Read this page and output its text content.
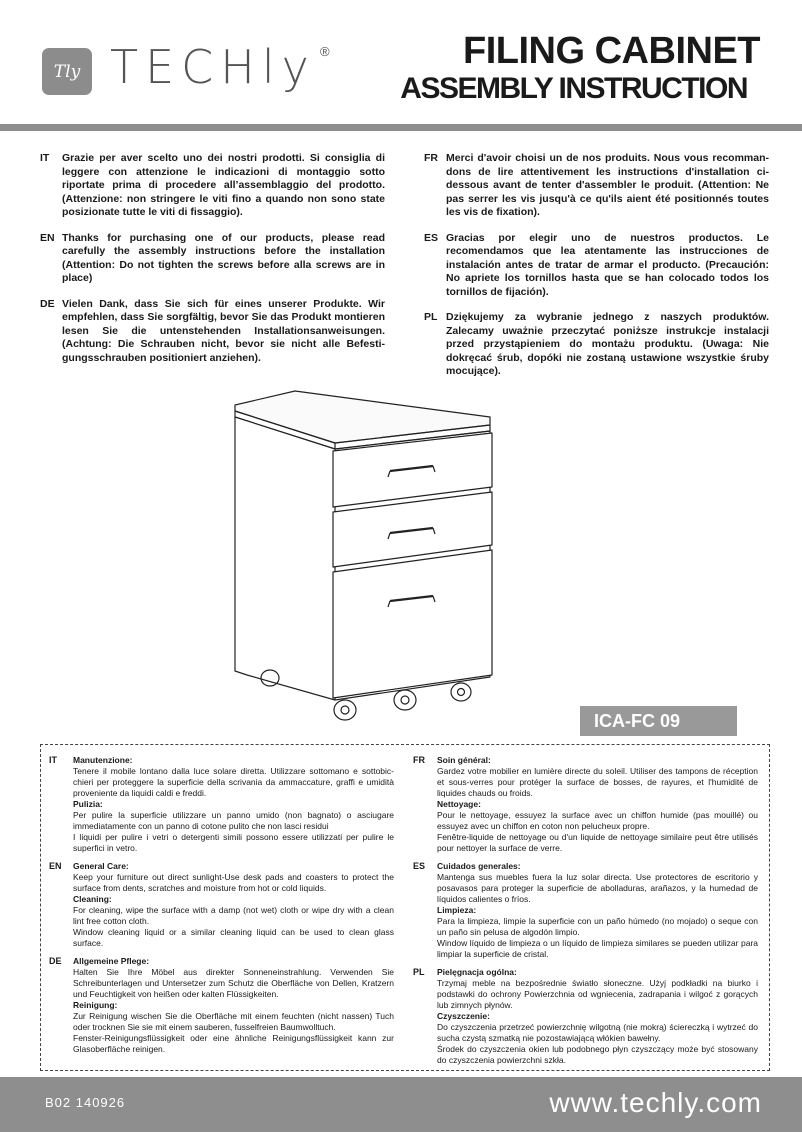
Tly TECHly ®	FILING CABINET
ASSEMBLY INSTRUCTION
IT	Grazie per aver scelto uno dei nostri prodotti. Si consiglia di leggere con attenzione le indicazioni di montaggio sotto riportate prima di procedere all’assemblaggio del prodotto. (Attenzione: non stringere le viti fino a quando non sono state posizionate tutte le viti di fissaggio).
EN Thanks for purchasing one of our products, please read carefully the assembly instructions before the installation (Attention: Do not tighten the screws before alla screws are in place)
DE Vielen Dank, dass Sie sich für eines unserer Produkte. Wir empfehlen, dass Sie sorgfältig, bevor Sie das Produkt montieren lesen Sie die untenstehenden Installationsanweisungen. (Achtung: Die Schrauben nicht, bevor sie nicht alle Befesti-gungsschrauben positioniert anziehen).
FR Merci d'avoir choisi un de nos produits. Nous vous recomman-dons de lire attentivement les instructions d'installation ci-dessous avant de tenter d'assembler le produit. (Attention: Ne pas serrer les vis jusqu'à ce qu'ils aient été positionnés toutes les vis de fixation).
ES Gracias por elegir uno de nuestros productos. Le recomendamos que lea atentamente las instrucciones de instalación antes de tratar de armar el producto. (Precaución: No apriete los tornillos hasta que se han colocado todos los tornillos de fijación).
PL Dziękujemy za wybranie jednego z naszych produktów. Zalecamy uważnie przeczytać poniższe instrukcje instalacji przed przystąpieniem do montażu produktu. (Uwaga: Nie dokręcać śrub, dopóki nie zostaną ustawione wszystkie śruby mocujące).
ICA-FC 09
IT	Manutenzione:
Tenere il mobile lontano dalla luce solare diretta. Utilizzare sottomano e sottobic-chieri per proteggere la superficie della scrivania da ammaccature, graffi e umidità proveniente da liquidi caldi e freddi.
Pulizia:
Per pulire la superficie utilizzare un panno umido (non bagnato) o asciugare immediatamente con un panno di cotone pulito che non lasci residui
I liquidi per pulire i vetri o detergenti simili possono essere utilizzati per pulire le superfici in vetro.
EN	General Care:
Keep your furniture out direct sunlight-Use desk pads and coasters to protect the surface from dents, scratches and moisture from hot or cold liquids.
Cleaning:
For cleaning, wipe the surface with a damp (not wet) cloth or wipe dry with a clean lint free cotton cloth.
Window cleaning liquid or a similar cleaning liquid can be used to clean glass surface.
DE	Allgemeine Pflege:
Halten Sie Ihre Möbel aus direkter Sonneneinstrahlung. Verwenden Sie Schreibunterlagen und Untersetzer zum Schutz die Oberfläche von Dellen, Kratzern und Feuchtigkeit von heißen oder kalten Flüssigkeiten.
Reinigung:
Zur Reinigung wischen Sie die Oberfläche mit einem feuchten (nicht nassen) Tuch oder trocknen Sie sie mit einem sauberen, fusselfreien Baumwolltuch.
Fenster-Reinigungsflüssigkeit oder eine ähnliche Reinigungsflüssigkeit kann zur Glasoberfläche reinigen.
FR	Soin général:
Gardez votre mobilier en lumière directe du soleil. Utiliser des tampons de réception et sous-verres pour protéger la surface de bosses, de rayures, et l'humidité de liquides chauds ou froids.
Nettoyage:
Pour le nettoyage, essuyez la surface avec un chiffon humide (pas mouillé) ou essuyez avec un chiffon en coton non pelucheux propre.
Fenêtre-liquide de nettoyage ou d'un liquide de nettoyage similaire peut être utilisés pour nettoyer la surface de verre.
ES	Cuidados generales:
Mantenga sus muebles fuera la luz solar directa. Use protectores de escritorio y posavasos para proteger la superficie de abolladuras, arañazos, y la humedad de líquidos calientes o fríos.
Limpieza:
Para la limpieza, limpie la superficie con un paño húmedo (no mojado) o seque con un paño sin pelusa de algodón limpio.
Window líquido de limpieza o un líquido de limpieza similares se pueden utilizar para limpiar la superficie de cristal.
PL	Pielęgnacja ogólna:
Trzymaj meble na bezpośrednie światło słoneczne. Użyj podkładki na biurko i podstawki do ochrony Powierzchnia od wgniecenia, zadrapania i wilgoć z gorących lub zimnych płynów.
Czyszczenie:
Do czyszczenia przetrzeć powierzchnię wilgotną (nie mokrą) ściereczką i wytrzeć do sucha czystą szmatką nie pozostawiającą włókien bawełny.
Środek do czyszczenia okien lub podobnego płyn czyszczący może być stosowany do czyszczenia powierzchni szkła.
B02 140926	www.techly.com
